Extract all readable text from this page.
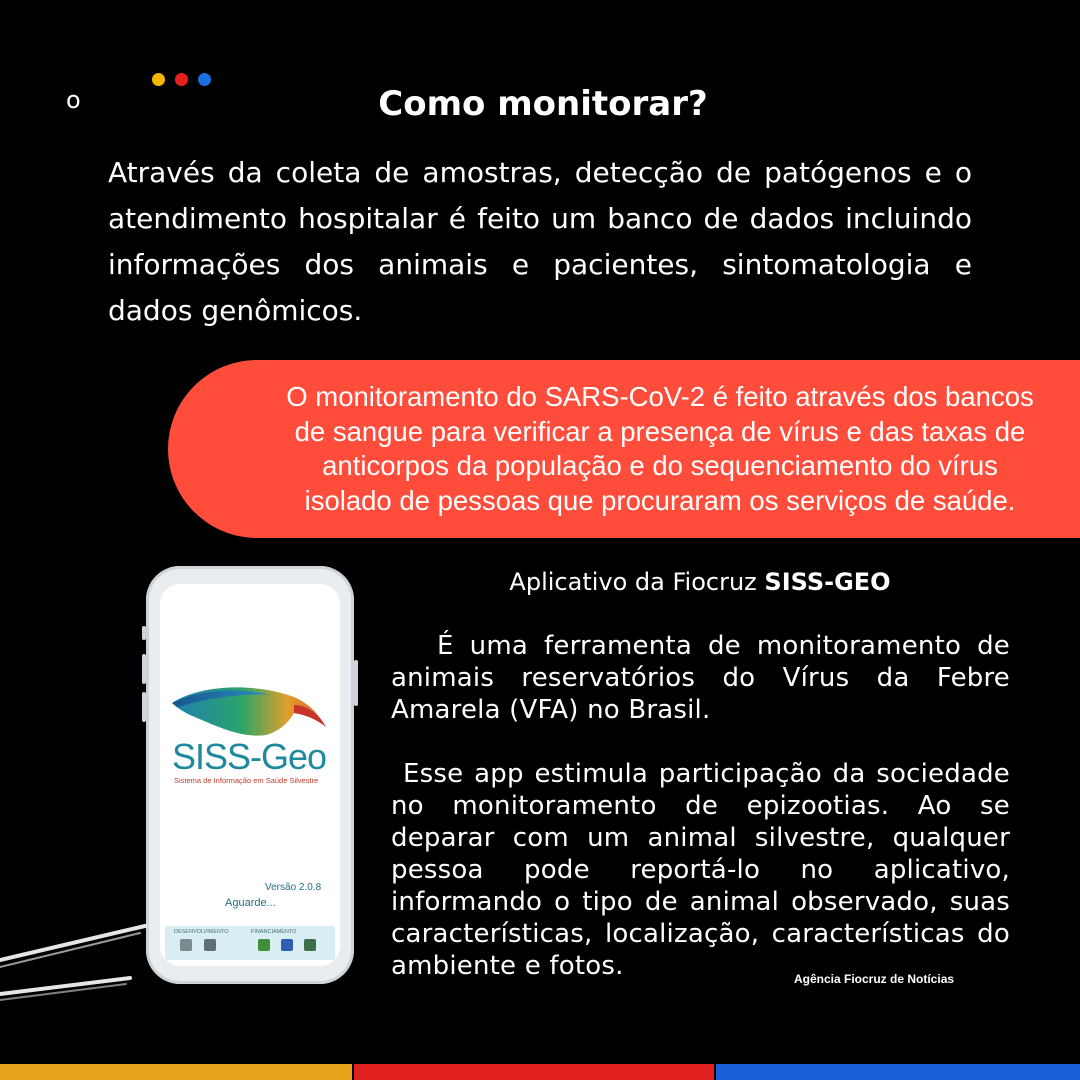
o	Como monitorar?
Através da coleta de amostras, detecção de patógenos e o atendimento hospitalar é feito um banco de dados incluindo informações dos animais e pacientes, sintomatologia e dados genômicos.
O monitoramento do SARS-CoV-2 é feito através dos bancos
de sangue para verificar a presença de vírus e das taxas de
anticorpos da população e do sequenciamento do vírus
isolado de pessoas que procuraram os serviços de saúde.
SISS-Geo
Sistema de Informação em Saúde Silvestre
Versão 2.0.8
Aguarde...
DESENVOLVIMENTO	FINANCIAMENTO
Aplicativo da Fiocruz SISS-GEO
É uma ferramenta de monitoramento de animais reservatórios do Vírus da Febre Amarela (VFA) no Brasil.
Esse app estimula participação da sociedade no monitoramento de epizootias. Ao se deparar com um animal silvestre, qualquer pessoa pode reportá-lo no aplicativo, informando o tipo de animal observado, suas características, localização, características do ambiente e fotos.	Agência Fiocruz de Notícias
